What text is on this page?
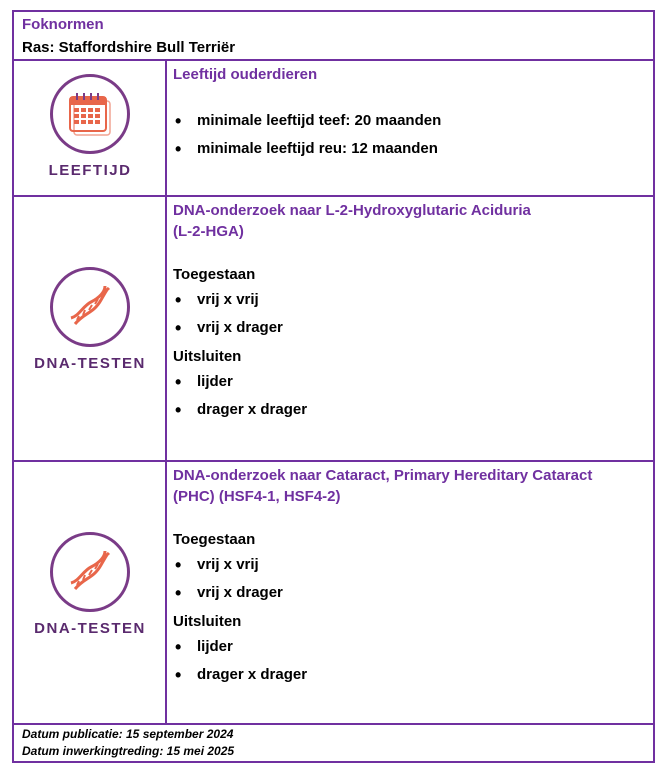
Foknormen
Ras: Staffordshire Bull Terriër
LEEFTIJD
Leeftijd ouderdieren
• minimale leeftijd teef: 20 maanden
• minimale leeftijd reu: 12 maanden
DNA-TESTEN
DNA-onderzoek naar L-2-Hydroxyglutaric Aciduria
(L-2-HGA)
Toegestaan
• vrij x vrij
• vrij x drager
Uitsluiten
• lijder
• drager x drager
DNA-TESTEN
DNA-onderzoek naar Cataract, Primary Hereditary Cataract
(PHC) (HSF4-1, HSF4-2)
Toegestaan
• vrij x vrij
• vrij x drager
Uitsluiten
• lijder
• drager x drager
Datum publicatie: 15 september 2024
Datum inwerkingtreding: 15 mei 2025
